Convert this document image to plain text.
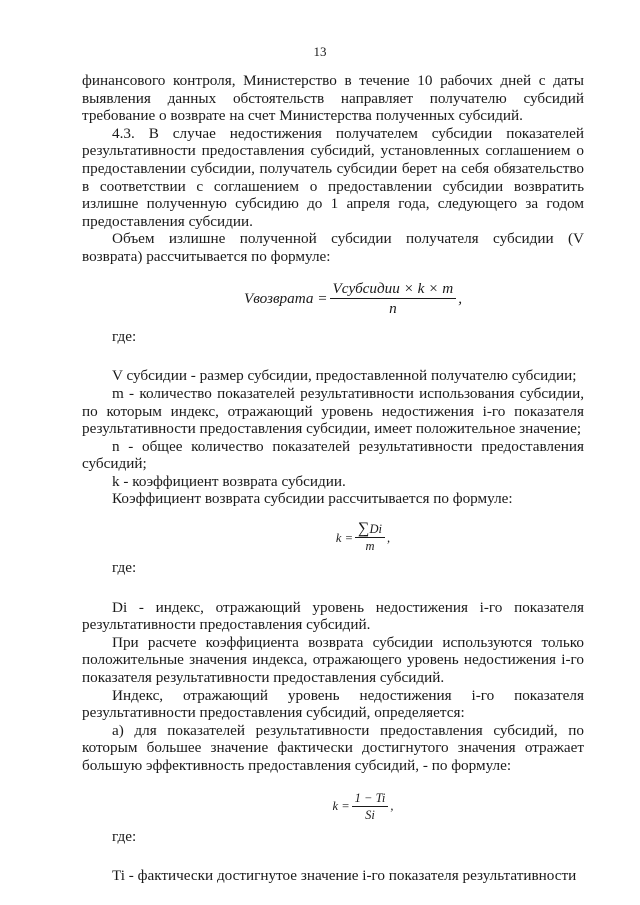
13

финансового контроля, Министерство в течение 10 рабочих дней с даты выявления данных обстоятельств направляет получателю субсидий требование о возврате на счет Министерства полученных субсидий.

4.3. В случае недостижения получателем субсидии показателей результативности предоставления субсидий, установленных соглашением о предоставлении субсидии, получатель субсидии берет на себя обязательство в соответствии с соглашением о предоставлении субсидии возвратить излишне полученную субсидию до 1 апреля года, следующего за годом предоставления субсидии.

Объем излишне полученной субсидии получателя субсидии (V возврата) рассчитывается по формуле:

Vвозврата = $\frac{\text{Vсубсидии × k × m}}{n}$ ,

где:

V субсидии - размер субсидии, предоставленной получателю субсидии;

m - количество показателей результативности использования субсидии, по которым индекс, отражающий уровень недостижения i-го показателя результативности предоставления субсидии, имеет положительное значение;

n - общее количество показателей результативности предоставления субсидий;

k - коэффициент возврата субсидии.

Коэффициент возврата субсидии рассчитывается по формуле:

$k = \frac{\sum Di}{m}$ ,

где:

Di - индекс, отражающий уровень недостижения i-го показателя результативности предоставления субсидий.

При расчете коэффициента возврата субсидии используются только положительные значения индекса, отражающего уровень недостижения i-го показателя результативности предоставления субсидий.

Индекс, отражающий уровень недостижения i-го показателя результативности предоставления субсидий, определяется:

а) для показателей результативности предоставления субсидий, по которым большее значение фактически достигнутого значения отражает большую эффективность предоставления субсидий, - по формуле:

$k = \frac{1 - Ti}{Si}$ ,

где:

Ti - фактически достигнутое значение i-го показателя результативности
